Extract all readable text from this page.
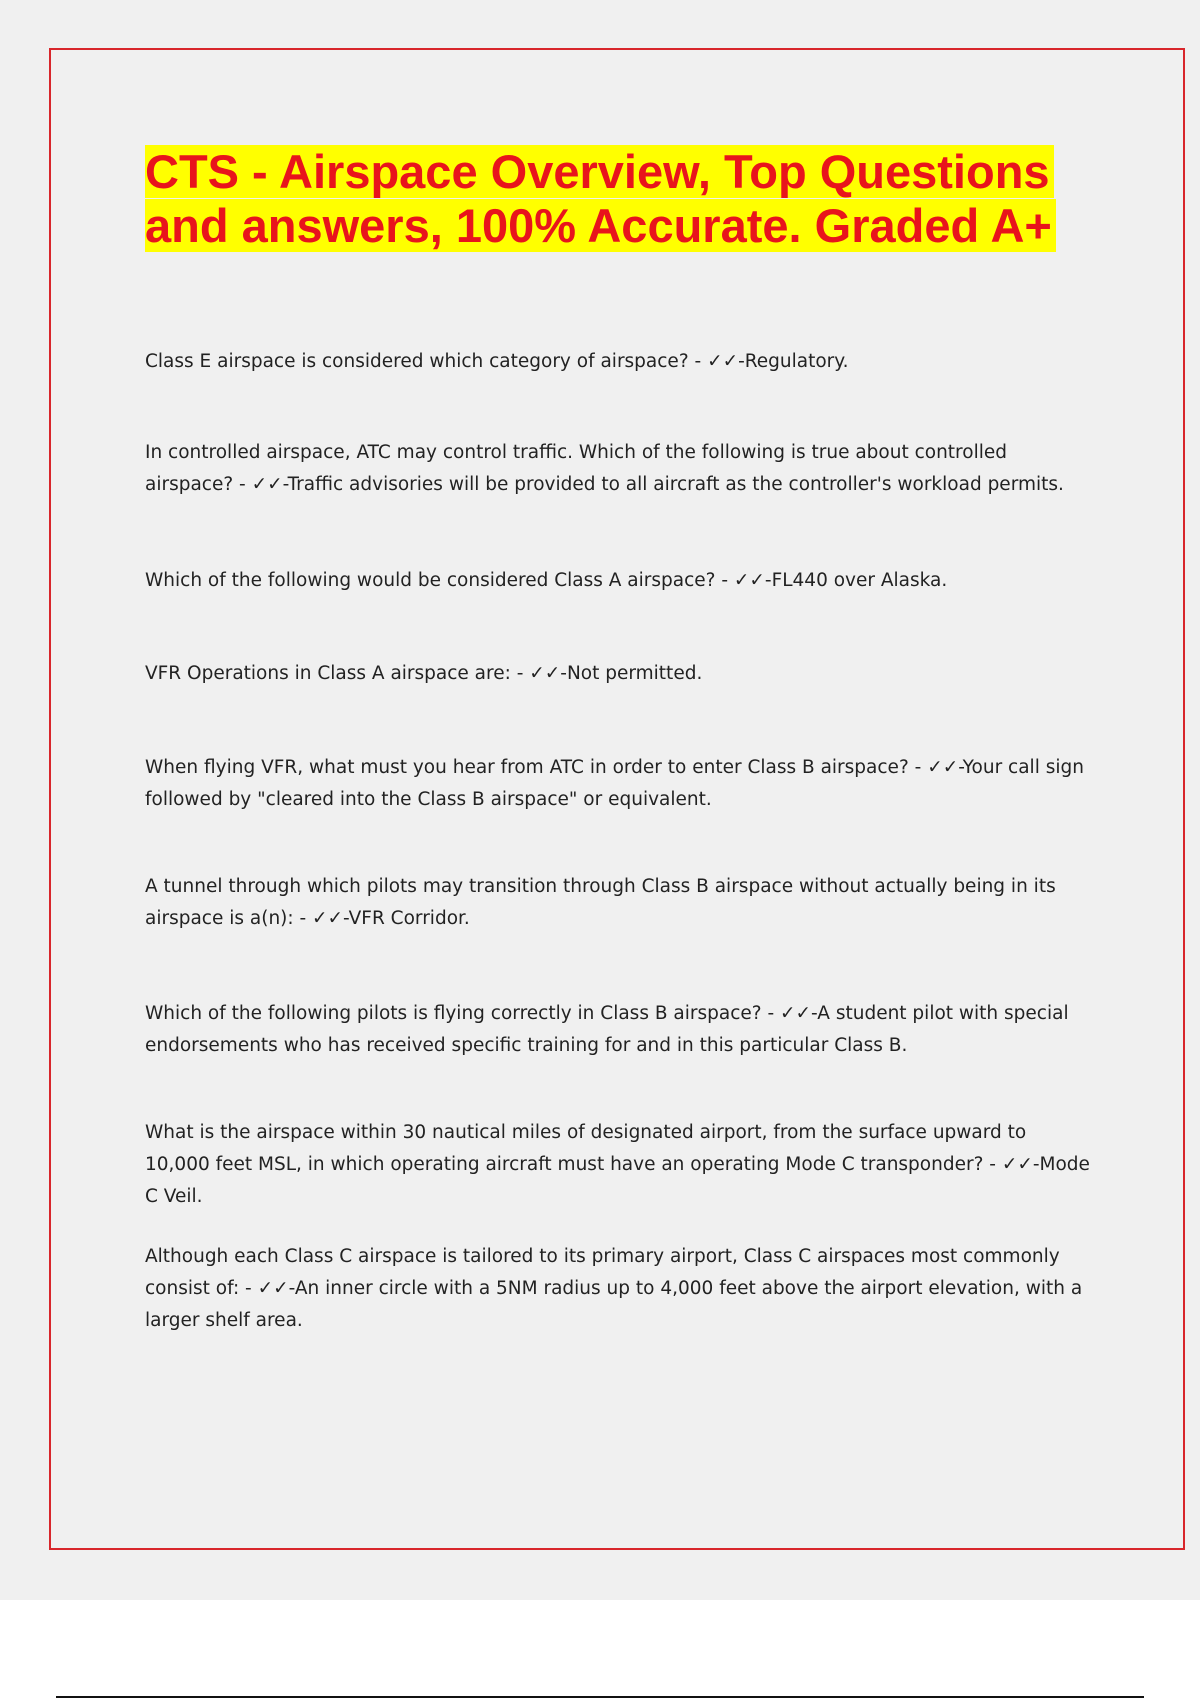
CTS - Airspace Overview, Top Questions and answers, 100% Accurate. Graded A+

Class E airspace is considered which category of airspace? - ✓✓-Regulatory.

In controlled airspace, ATC may control traffic. Which of the following is true about controlled airspace? - ✓✓-Traffic advisories will be provided to all aircraft as the controller's workload permits.

Which of the following would be considered Class A airspace? - ✓✓-FL440 over Alaska.

VFR Operations in Class A airspace are: - ✓✓-Not permitted.

When flying VFR, what must you hear from ATC in order to enter Class B airspace? - ✓✓-Your call sign followed by "cleared into the Class B airspace" or equivalent.

A tunnel through which pilots may transition through Class B airspace without actually being in its airspace is a(n): - ✓✓-VFR Corridor.

Which of the following pilots is flying correctly in Class B airspace? - ✓✓-A student pilot with special endorsements who has received specific training for and in this particular Class B.

What is the airspace within 30 nautical miles of designated airport, from the surface upward to 10,000 feet MSL, in which operating aircraft must have an operating Mode C transponder? - ✓✓-Mode C Veil.

Although each Class C airspace is tailored to its primary airport, Class C airspaces most commonly consist of: - ✓✓-An inner circle with a 5NM radius up to 4,000 feet above the airport elevation, with a larger shelf area.
